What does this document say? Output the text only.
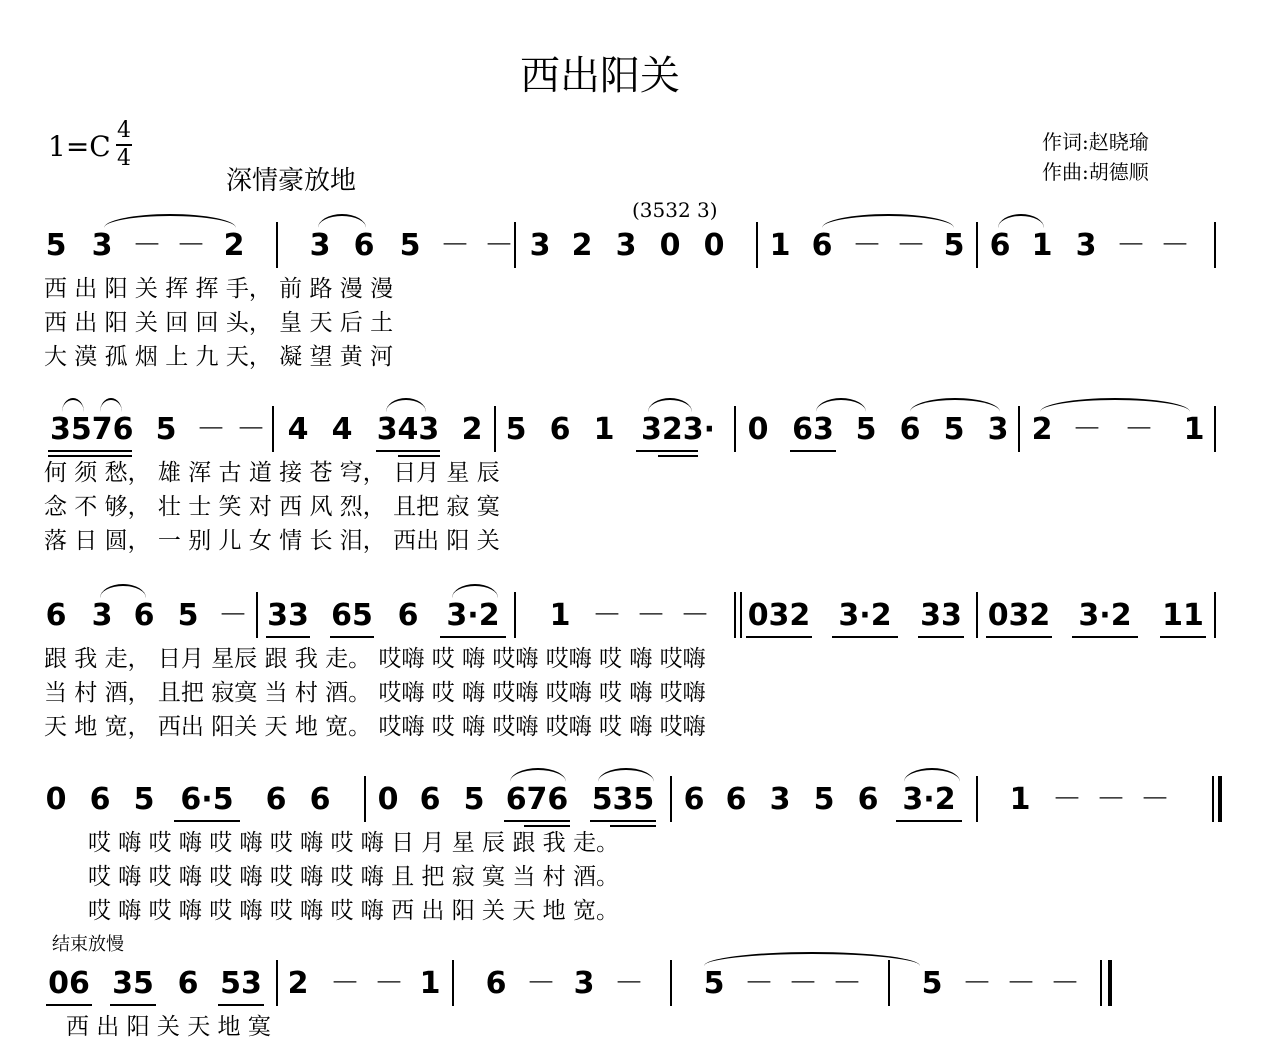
西出阳关
1=C 4
4
深情豪放地
作词:赵晓瑜
作曲:胡德顺
(3532 3)
结束放慢
5 3 － － 2 3 6 5 － － 3 2 3 0 0 1 6 － － 5 6 1 3 － －
西 出 阳 关 挥 挥 手， 前 路 漫 漫
西 出 阳 关 回 回 头， 皇 天 后 土
大 漠 孤 烟 上 九 天， 凝 望 黄 河
3576 5 － － 4 4 343 2 5 6 1 323· 0 63 5 6 5 3 2 － － 1
何 须 愁， 雄 浑 古 道 接 苍 穹， 日月 星 辰
念 不 够， 壮 士 笑 对 西 风 烈， 且把 寂 寞
落 日 圆， 一 别 儿 女 情 长 泪， 西出 阳 关
6 3 6 5 － 33 65 6 3·2 1 － － － 032 3·2 33 032 3·2 11
跟 我 走， 日月 星辰 跟 我 走。 哎嗨 哎 嗨 哎嗨 哎嗨 哎 嗨 哎嗨
当 村 酒， 且把 寂寞 当 村 酒。 哎嗨 哎 嗨 哎嗨 哎嗨 哎 嗨 哎嗨
天 地 宽， 西出 阳关 天 地 宽。 哎嗨 哎 嗨 哎嗨 哎嗨 哎 嗨 哎嗨
0 6 5 6·5 6 6 0 6 5 676 535 6 6 3 5 6 3·2 1 － － －
哎 嗨 哎 嗨 哎 嗨 哎 嗨 哎 嗨 日 月 星 辰 跟 我 走。
哎 嗨 哎 嗨 哎 嗨 哎 嗨 哎 嗨 且 把 寂 寞 当 村 酒。
哎 嗨 哎 嗨 哎 嗨 哎 嗨 哎 嗨 西 出 阳 关 天 地 宽。
06 35 6 53 2 － － 1 6 － 3 － 5 － － － 5 － － －
西 出 阳 关 天 地 寞
